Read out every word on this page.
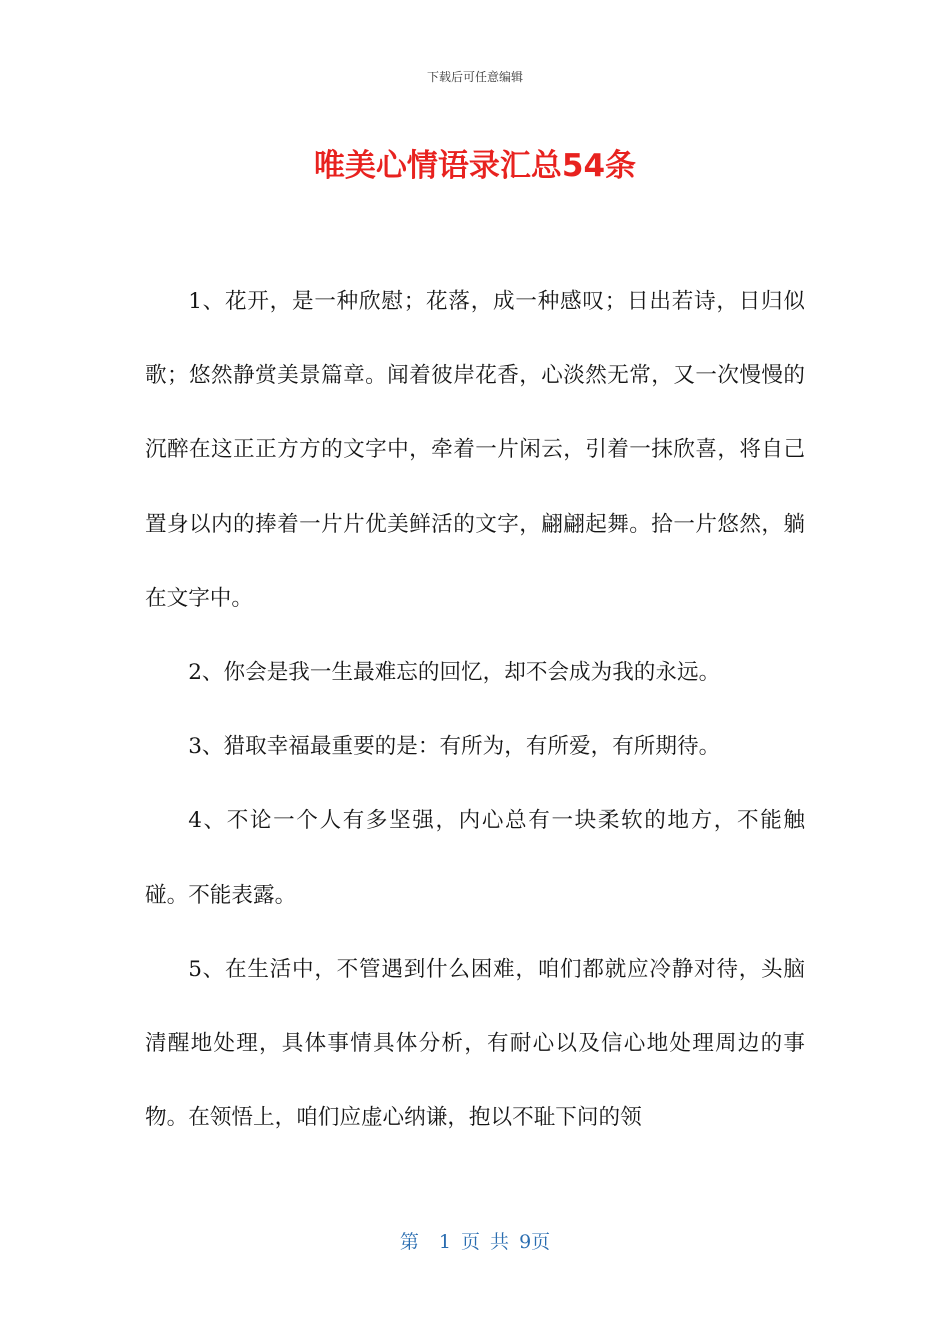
下载后可任意编辑
唯美心情语录汇总54条

1、花开，是一种欣慰；花落，成一种感叹；日出若诗，日归似歌；悠然静赏美景篇章。闻着彼岸花香，心淡然无常，又一次慢慢的沉醉在这正正方方的文字中，牵着一片闲云，引着一抹欣喜，将自己置身以内的捧着一片片优美鲜活的文字，翩翩起舞。拾一片悠然，躺在文字中。

2、你会是我一生最难忘的回忆，却不会成为我的永远。

3、猎取幸福最重要的是：有所为，有所爱，有所期待。

4、不论一个人有多坚强，内心总有一块柔软的地方，不能触碰。不能表露。

5、在生活中，不管遇到什么困难，咱们都就应冷静对待，头脑清醒地处理，具体事情具体分析，有耐心以及信心地处理周边的事物。在领悟上，咱们应虚心纳谦，抱以不耻下问的领

第  1 页 共 9页
